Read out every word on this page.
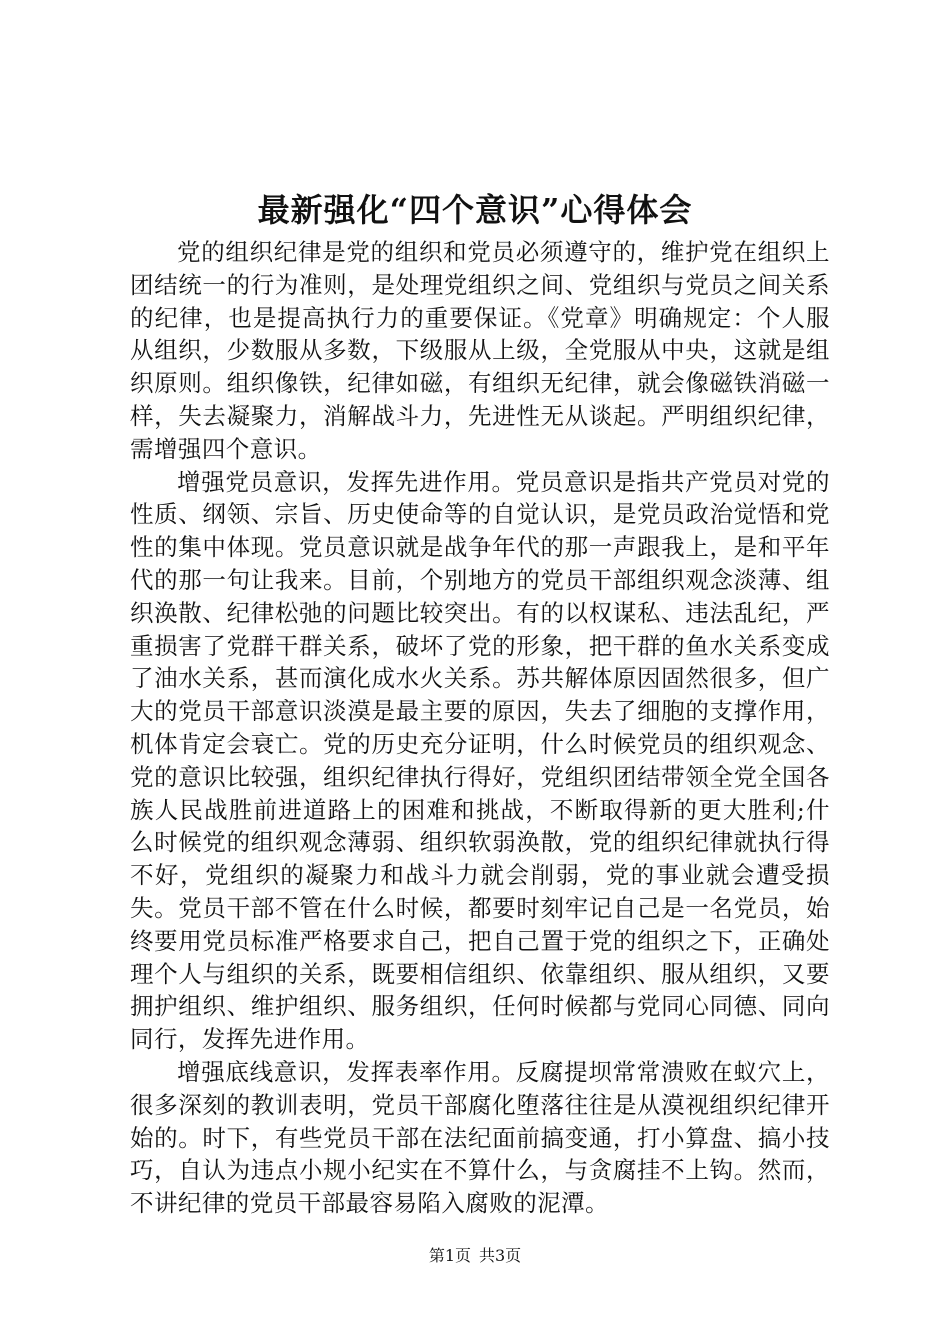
最新强化“四个意识”心得体会

党的组织纪律是党的组织和党员必须遵守的，维护党在组织上团结统一的行为准则，是处理党组织之间、党组织与党员之间关系的纪律，也是提高执行力的重要保证。《党章》明确规定：个人服从组织，少数服从多数，下级服从上级，全党服从中央，这就是组织原则。组织像铁，纪律如磁，有组织无纪律，就会像磁铁消磁一样，失去凝聚力，消解战斗力，先进性无从谈起。严明组织纪律，需增强四个意识。

增强党员意识，发挥先进作用。党员意识是指共产党员对党的性质、纲领、宗旨、历史使命等的自觉认识，是党员政治觉悟和党性的集中体现。党员意识就是战争年代的那一声跟我上，是和平年代的那一句让我来。目前，个别地方的党员干部组织观念淡薄、组织涣散、纪律松弛的问题比较突出。有的以权谋私、违法乱纪，严重损害了党群干群关系，破坏了党的形象，把干群的鱼水关系变成了油水关系，甚而演化成水火关系。苏共解体原因固然很多，但广大的党员干部意识淡漠是最主要的原因，失去了细胞的支撑作用，机体肯定会衰亡。党的历史充分证明，什么时候党员的组织观念、党的意识比较强，组织纪律执行得好，党组织团结带领全党全国各族人民战胜前进道路上的困难和挑战，不断取得新的更大胜利;什么时候党的组织观念薄弱、组织软弱涣散，党的组织纪律就执行得不好，党组织的凝聚力和战斗力就会削弱，党的事业就会遭受损失。党员干部不管在什么时候，都要时刻牢记自己是一名党员，始终要用党员标准严格要求自己，把自己置于党的组织之下，正确处理个人与组织的关系，既要相信组织、依靠组织、服从组织，又要拥护组织、维护组织、服务组织，任何时候都与党同心同德、同向同行，发挥先进作用。

增强底线意识，发挥表率作用。反腐提坝常常溃败在蚁穴上，很多深刻的教训表明，党员干部腐化堕落往往是从漠视组织纪律开始的。时下，有些党员干部在法纪面前搞变通，打小算盘、搞小技巧，自认为违点小规小纪实在不算什么，与贪腐挂不上钩。然而，不讲纪律的党员干部最容易陷入腐败的泥潭。

第1页 共3页
